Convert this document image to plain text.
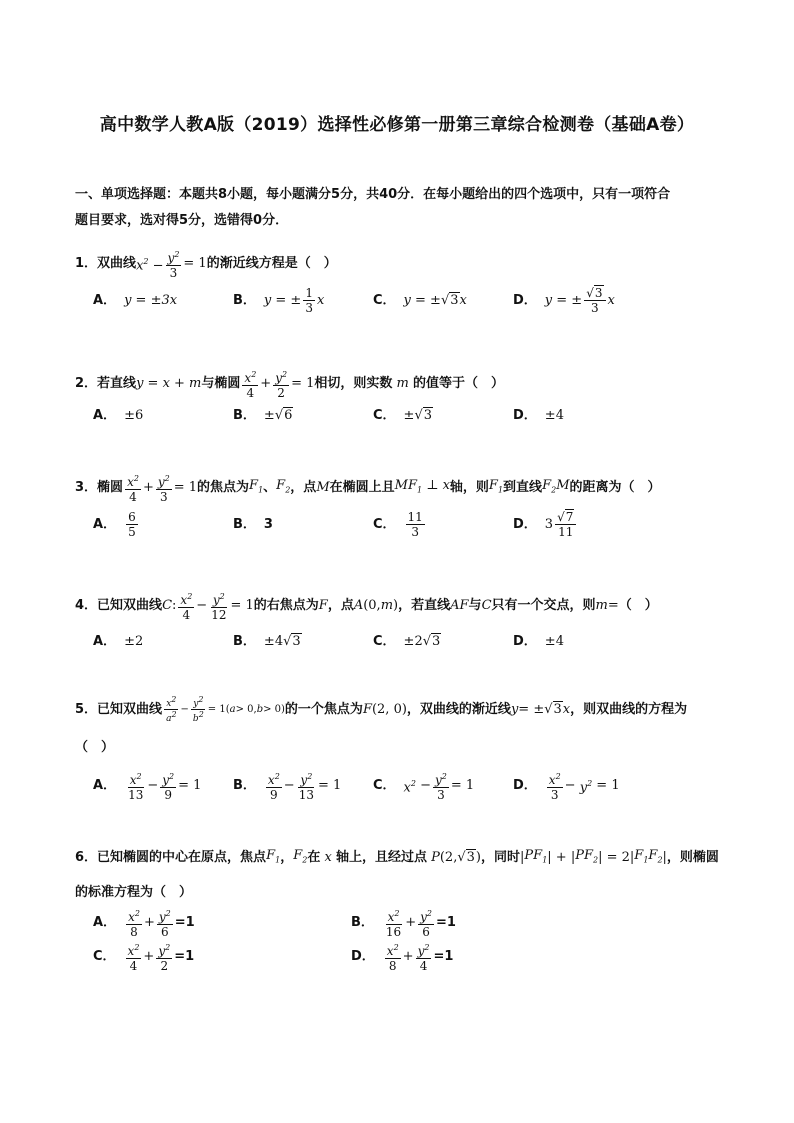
高中数学人教A版（2019）选择性必修第一册第三章综合检测卷（基础A卷）
一、单项选择题：本题共8小题，每小题满分5分，共40分．在每小题给出的四个选项中，只有一项符合
题目要求，选对得5分，选错得0分．
1． 双曲线 $x^2 - \frac{y^2}{3} = 1$ 的渐近线方程是（　）
A． y = ±3x	B． y = ± $\frac{1}{3}$ x	C． y = ± √3 x	D． y = ± $\frac{√3}{3}$ x
2． 若直线 y = x + m 与椭圆 $\frac{x^2}{4} + \frac{y^2}{2} = 1$ 相切，则实数 m 的值等于（　）
A． ±6	B． ± √6	C． ± √3	D． ±4
3． 椭圆 $\frac{x^2}{4} + \frac{y^2}{3} = 1$ 的焦点为 $F_1$ 、 $F_2$ ，点 M 在椭圆上且 $MF_1$ ⊥ x 轴，则 $F_1$ 到直线 $F_2M$ 的距离为（　）
A． $\frac{6}{5}$	B． 3	C． $\frac{11}{3}$	D． $3 \frac{√7}{11}$
4． 已知双曲线 C : $\frac{x^2}{4} - \frac{y^2}{12} = 1$ 的右焦点为 F ，点 A (0, m ) ，若直线 AF 与 C 只有一个交点，则 m = （　）
A． ±2	B． ±4 √3	C． ±2 √3	D． ±4
5． 已知双曲线 $\frac{x^2}{a^2} - \frac{y^2}{b^2} = 1$( a > 0, b > 0) 的一个焦点为 F (2, 0) ，双曲线的渐近线 y = ± √3 x ，则双曲线的方程为
（　）
A． $\frac{x^2}{13} - \frac{y^2}{9} = 1$ B． $\frac{x^2}{9} - \frac{y^2}{13} = 1$ C． $x^2 - \frac{y^2}{3} = 1$	D． $\frac{x^2}{3} - y^2 = 1$
6． 已知椭圆的中心在原点，焦点 $F_1$ ， $F_2$ 在 x 轴上，且经过点 P (2, √3 ) ，同时 | $PF_1$ | + | $PF_2$ | = 2| $F_1F_2$ | ，则椭圆
的标准方程为（　）
A． $\frac{x^2}{8} + \frac{y^2}{6} =1$	B． $\frac{x^2}{16} + \frac{y^2}{6} =1$
C． $\frac{x^2}{4} + \frac{y^2}{2} =1$	D． $\frac{x^2}{8} + \frac{y^2}{4} =1$
